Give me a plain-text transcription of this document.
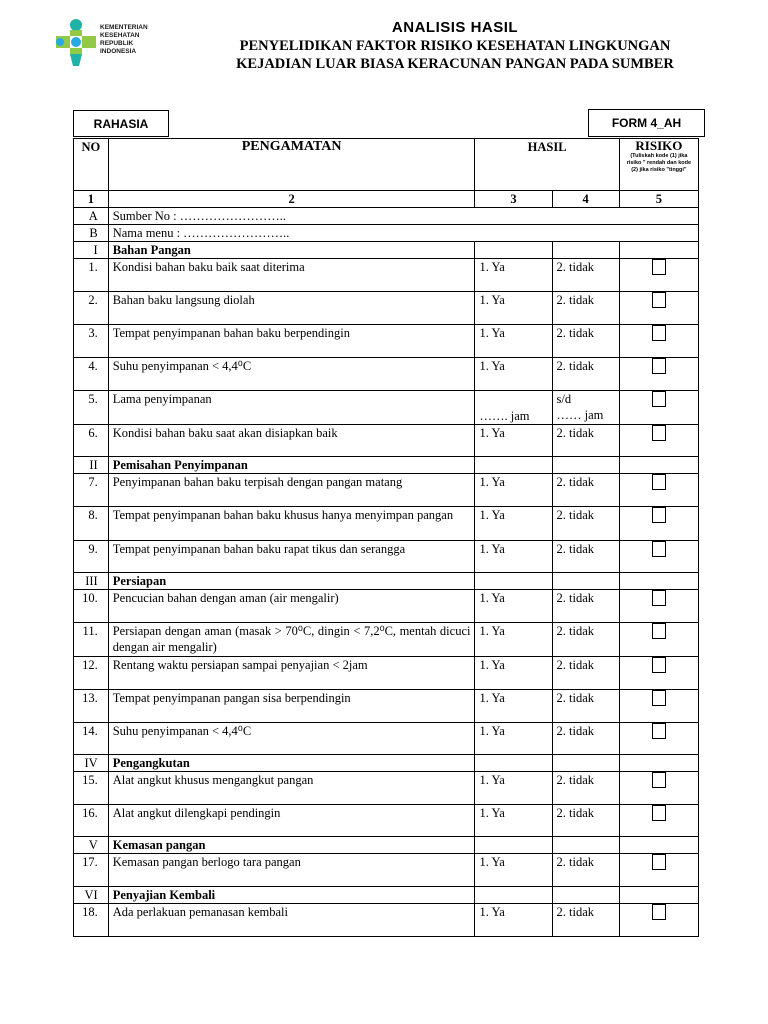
KEMENTERIAN
KESEHATAN
REPUBLIK
INDONESIA

ANALISIS HASIL

PENYELIDIKAN FAKTOR RISIKO KESEHATAN LINGKUNGAN

KEJADIAN LUAR BIASA KERACUNAN PANGAN PADA SUMBER

RAHASIA	FORM 4_AH
NO	PENGAMATAN	HASIL		RISIKO
(Tuliskah kode (1) jika risiko " rendah dan kode (2) jika risiko "tinggi"

1	2	3	4	5
A	Sumber No : ……………………..			
B	Nama menu : ……………………..			
I	Bahan Pangan			
1.	Kondisi bahan baku baik saat diterima	1. Ya	2. tidak	
2.	Bahan baku langsung diolah	1. Ya	2. tidak	
3.	Tempat penyimpanan bahan baku berpendingin	1. Ya	2. tidak	
4.	Suhu penyimpanan < 4,4⁰C	1. Ya	2. tidak	
5.	Lama penyimpanan	……. jam	s/d
…… jam	

6.	Kondisi bahan baku saat akan disiapkan baik	1. Ya	2. tidak	
II	Pemisahan Penyimpanan			
7.	Penyimpanan bahan baku terpisah dengan pangan matang	1. Ya	2. tidak	
8.	Tempat penyimpanan bahan baku khusus hanya menyimpan pangan	1. Ya	2. tidak	
9.	Tempat penyimpanan bahan baku rapat tikus dan serangga	1. Ya	2. tidak	
III	Persiapan			
10.	Pencucian bahan dengan aman (air mengalir)	1. Ya	2. tidak	
11.	Persiapan dengan aman (masak > 70⁰C, dingin < 7,2⁰C, mentah dicuci dengan air mengalir)	1. Ya	2. tidak	
12.	Rentang waktu persiapan sampai penyajian < 2jam	1. Ya	2. tidak	
13.	Tempat penyimpanan pangan sisa berpendingin	1. Ya	2. tidak	
14.	Suhu penyimpanan < 4,4⁰C	1. Ya	2. tidak	
IV	Pengangkutan			
15.	Alat angkut khusus mengangkut pangan	1. Ya	2. tidak	
16.	Alat angkut dilengkapi pendingin	1. Ya	2. tidak	
V	Kemasan pangan			
17.	Kemasan pangan berlogo tara pangan	1. Ya	2. tidak	
VI	Penyajian Kembali			
18.	Ada perlakuan pemanasan kembali	1. Ya	2. tidak	
